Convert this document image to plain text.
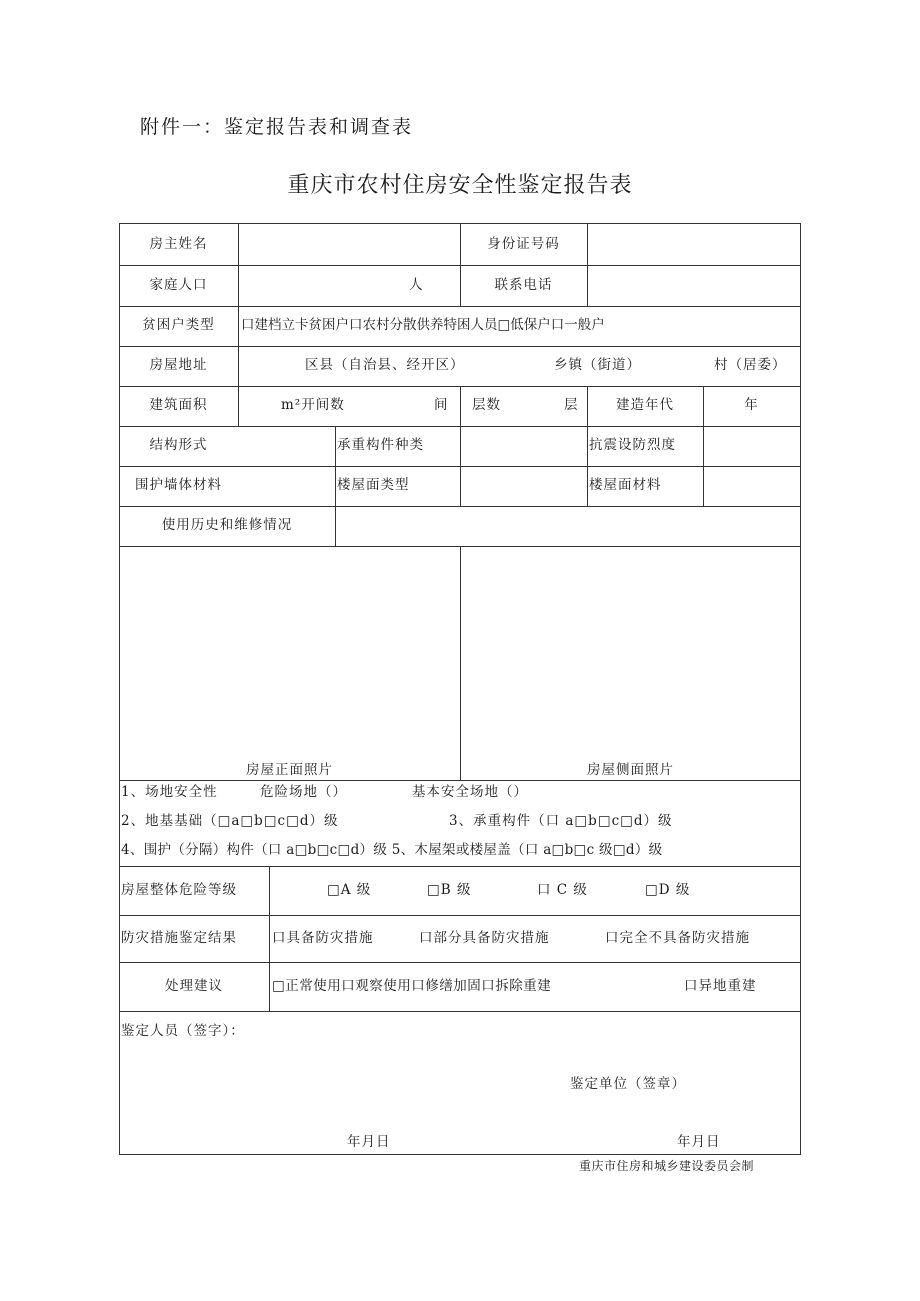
附件一：鉴定报告表和调查表
重庆市农村住房安全性鉴定报告表
房主姓名	身份证号码
家庭人口	人	联系电话
贫困户类型	口建档立卡贫困户口农村分散供养特困人员□低保户口一般户
房屋地址	区县（自治县、经开区）	乡镇（街道）	村（居委）
建筑面积	m²开间数	间 层数	层	建造年代	年
结构形式	承重构件种类	抗震设防烈度
围护墙体材料	楼屋面类型	楼屋面材料
使用历史和维修情况
房屋正面照片	房屋侧面照片
1、场地安全性	危险场地（）	基本安全场地（）
2、地基基础（□a□b□c□d）级	3、承重构件（口 a□b□c□d）级
4、围护（分隔）构件（口 a□b□c□d）级 5、木屋架或楼屋盖（口 a□b□c 级□d）级
房屋整体危险等级	□A 级	□B 级	口 C 级	□D 级
防灾措施鉴定结果	口具备防灾措施	口部分具备防灾措施	口完全不具备防灾措施
处理建议	□正常使用口观察使用口修缮加固口拆除重建	口异地重建
鉴定人员（签字）：
鉴定单位（签章）
年月日	年月日
重庆市住房和城乡建设委员会制
